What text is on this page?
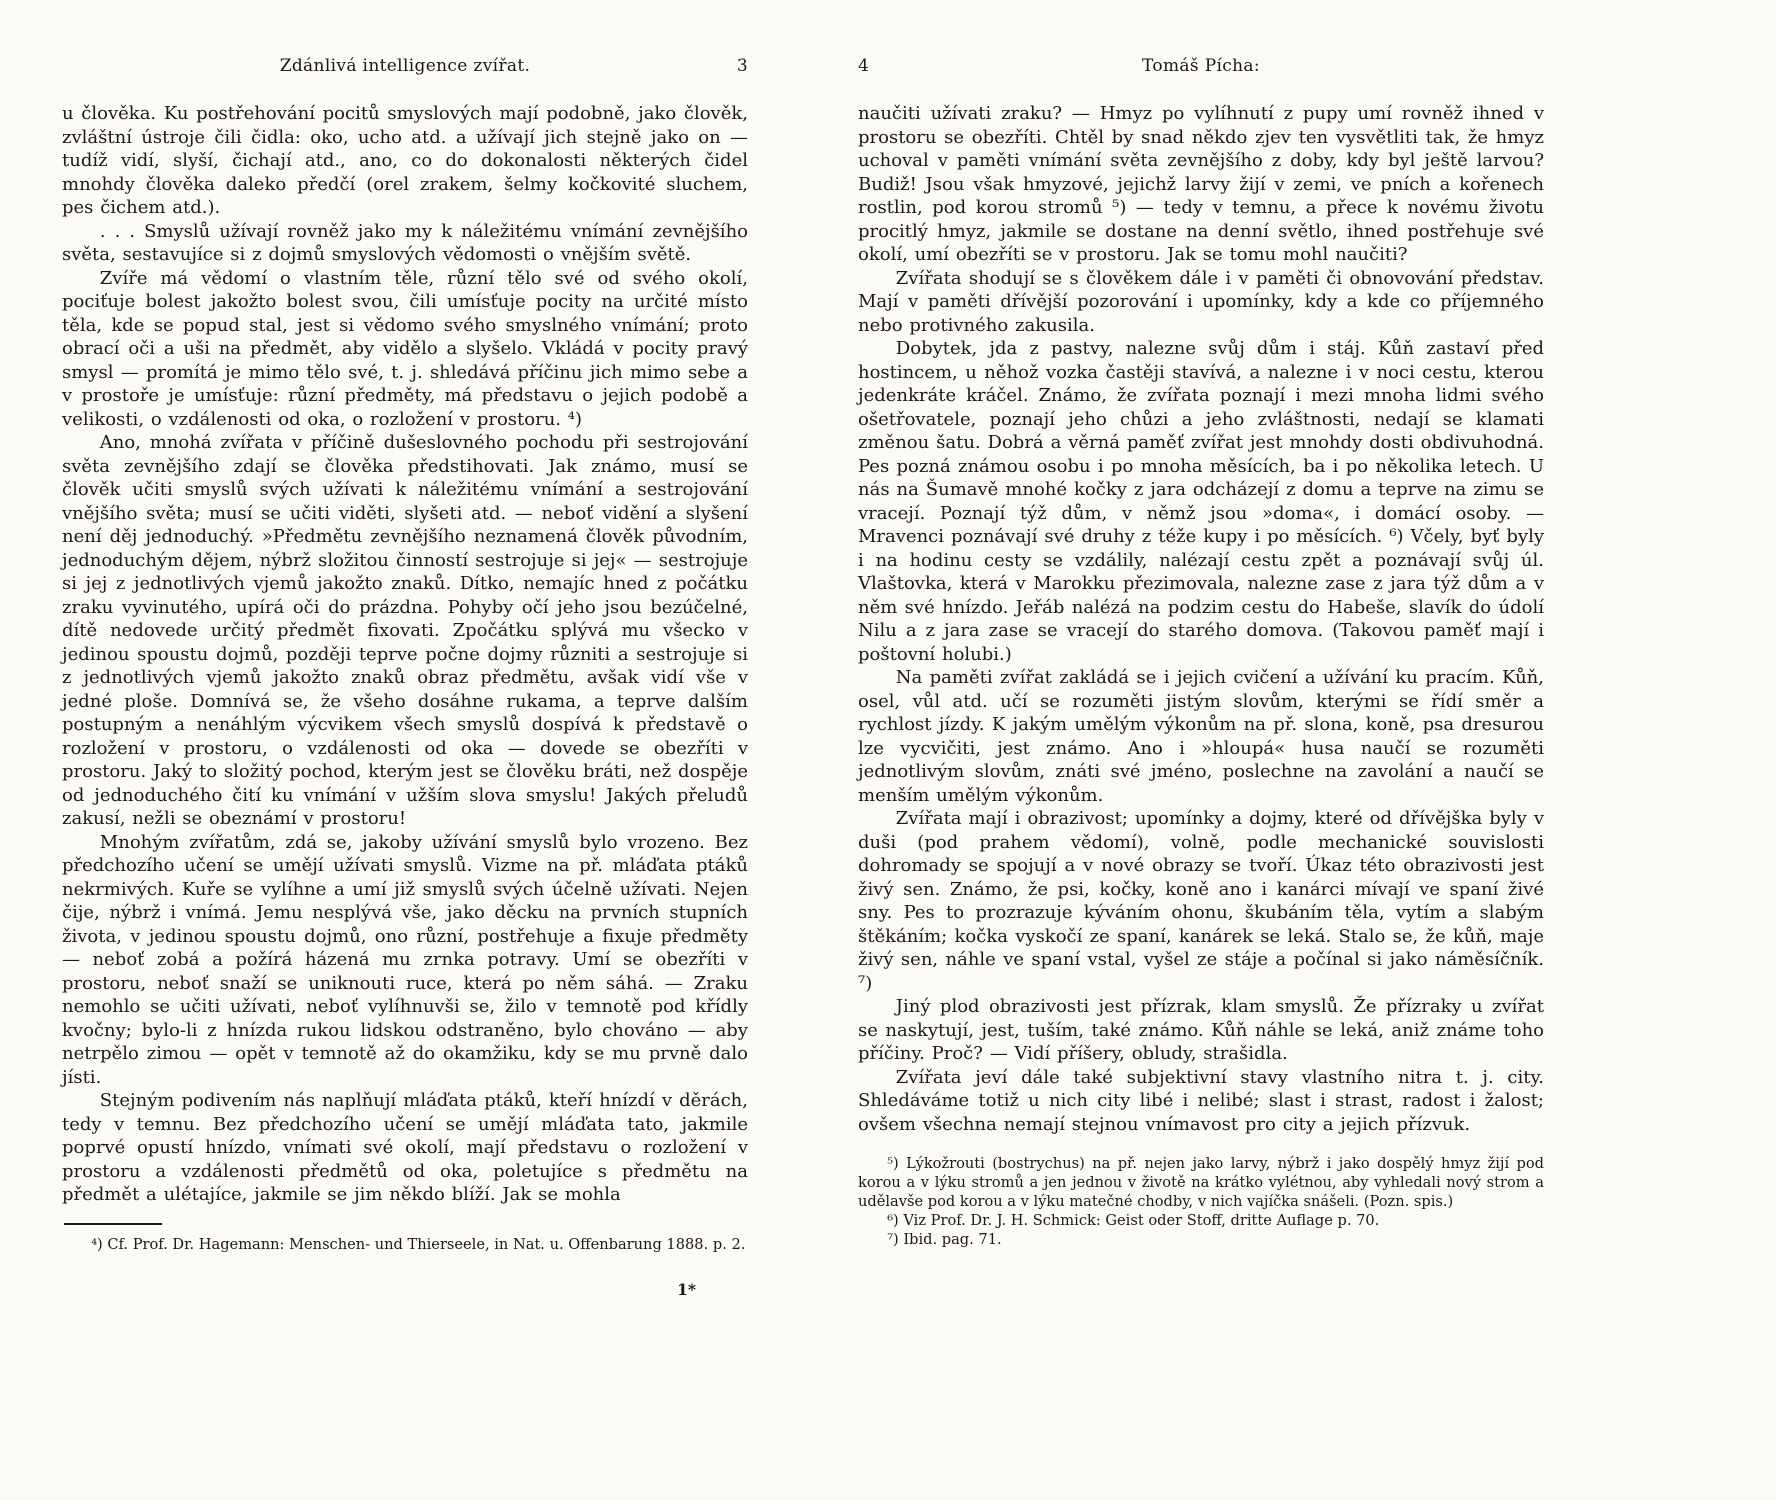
Zdánlivá intelligence zvířat.	3

u člověka. Ku postřehování pocitů smyslových mají podobně, jako člověk, zvláštní ústroje čili čidla: oko, ucho atd. a užívají jich stejně jako on — tudíž vidí, slyší, čichají atd., ano, co do dokonalosti některých čidel mnohdy člověka daleko předčí (orel zrakem, šelmy kočkovité sluchem, pes čichem atd.).

. . . Smyslů užívají rovněž jako my k náležitému vnímání zevnějšího světa, sestavujíce si z dojmů smyslových vědomosti o vnějším světě.

Zvíře má vědomí o vlastním těle, různí tělo své od svého okolí, pociťuje bolest jakožto bolest svou, čili umísťuje pocity na určité místo těla, kde se popud stal, jest si vědomo svého smyslného vnímání; proto obrací oči a uši na předmět, aby vidělo a slyšelo. Vkládá v pocity pravý smysl — promítá je mimo tělo své, t. j. shledává příčinu jich mimo sebe a v prostoře je umísťuje: různí předměty, má představu o jejich podobě a velikosti, o vzdálenosti od oka, o rozložení v prostoru. ⁴)

Ano, mnohá zvířata v příčině dušeslovného pochodu při sestrojování světa zevnějšího zdají se člověka předstihovati. Jak známo, musí se člověk učiti smyslů svých užívati k náležitému vnímání a sestrojování vnějšího světa; musí se učiti viděti, slyšeti atd. — neboť vidění a slyšení není děj jednoduchý. »Předmětu zevnějšího neznamená člověk původním, jednoduchým dějem, nýbrž složitou činností sestrojuje si jej« — sestrojuje si jej z jednotlivých vjemů jakožto znaků. Dítko, nemajíc hned z počátku zraku vyvinutého, upírá oči do prázdna. Pohyby očí jeho jsou bezúčelné, dítě nedovede určitý předmět fixovati. Zpočátku splývá mu všecko v jedinou spoustu dojmů, později teprve počne dojmy různiti a sestrojuje si z jednotlivých vjemů jakožto znaků obraz předmětu, avšak vidí vše v jedné ploše. Domnívá se, že všeho dosáhne rukama, a teprve dalším postupným a nenáhlým výcvikem všech smyslů dospívá k představě o rozložení v prostoru, o vzdálenosti od oka — dovede se obezříti v prostoru. Jaký to složitý pochod, kterým jest se člověku bráti, než dospěje od jednoduchého čití ku vnímání v užším slova smyslu! Jakých přeludů zakusí, nežli se obeznámí v prostoru!

Mnohým zvířatům, zdá se, jakoby užívání smyslů bylo vrozeno. Bez předchozího učení se umějí užívati smyslů. Vizme na př. mláďata ptáků nekrmivých. Kuře se vylíhne a umí již smyslů svých účelně užívati. Nejen čije, nýbrž i vnímá. Jemu nesplývá vše, jako děcku na prvních stupních života, v jedinou spoustu dojmů, ono různí, postřehuje a fixuje předměty — neboť zobá a požírá házená mu zrnka potravy. Umí se obezříti v prostoru, neboť snaží se uniknouti ruce, která po něm sáhá. — Zraku nemohlo se učiti užívati, neboť vylíhnuvši se, žilo v temnotě pod křídly kvočny; bylo-li z hnízda rukou lidskou odstraněno, bylo chováno — aby netrpělo zimou — opět v temnotě až do okamžiku, kdy se mu prvně dalo jísti.

Stejným podivením nás naplňují mláďata ptáků, kteří hnízdí v děrách, tedy v temnu. Bez předchozího učení se umějí mláďata tato, jakmile poprvé opustí hnízdo, vnímati své okolí, mají představu o rozložení v prostoru a vzdálenosti předmětů od oka, poletujíce s předmětu na předmět a ulétajíce, jakmile se jim někdo blíží. Jak se mohla

⁴) Cf. Prof. Dr. Hagemann: Menschen- und Thierseele, in Nat. u. Offenbarung 1888. p. 2.

1*
4	Tomáš Pícha:

naučiti užívati zraku? — Hmyz po vylíhnutí z pupy umí rovněž ihned v prostoru se obezříti. Chtěl by snad někdo zjev ten vysvětliti tak, že hmyz uchoval v paměti vnímání světa zevnějšího z doby, kdy byl ještě larvou? Budiž! Jsou však hmyzové, jejichž larvy žijí v zemi, ve pních a kořenech rostlin, pod korou stromů ⁵) — tedy v temnu, a přece k novému životu procitlý hmyz, jakmile se dostane na denní světlo, ihned postřehuje své okolí, umí obezříti se v prostoru. Jak se tomu mohl naučiti?

Zvířata shodují se s člověkem dále i v paměti či obnovování představ. Mají v paměti dřívější pozorování i upomínky, kdy a kde co příjemného nebo protivného zakusila.

Dobytek, jda z pastvy, nalezne svůj dům i stáj. Kůň zastaví před hostincem, u něhož vozka častěji stavívá, a nalezne i v noci cestu, kterou jedenkráte kráčel. Známo, že zvířata poznají i mezi mnoha lidmi svého ošetřovatele, poznají jeho chůzi a jeho zvláštnosti, nedají se klamati změnou šatu. Dobrá a věrná paměť zvířat jest mnohdy dosti obdivuhodná. Pes pozná známou osobu i po mnoha měsících, ba i po několika letech. U nás na Šumavě mnohé kočky z jara odcházejí z domu a teprve na zimu se vracejí. Poznají týž dům, v němž jsou »doma«, i domácí osoby. — Mravenci poznávají své druhy z téže kupy i po měsících. ⁶) Včely, byť byly i na hodinu cesty se vzdálily, nalézají cestu zpět a poznávají svůj úl. Vlaštovka, která v Marokku přezimovala, nalezne zase z jara týž dům a v něm své hnízdo. Jeřáb nalézá na podzim cestu do Habeše, slavík do údolí Nilu a z jara zase se vracejí do starého domova. (Takovou paměť mají i poštovní holubi.)

Na paměti zvířat zakládá se i jejich cvičení a užívání ku pracím. Kůň, osel, vůl atd. učí se rozuměti jistým slovům, kterými se řídí směr a rychlost jízdy. K jakým umělým výkonům na př. slona, koně, psa dresurou lze vycvičiti, jest známo. Ano i »hloupá« husa naučí se rozuměti jednotlivým slovům, znáti své jméno, poslechne na zavolání a naučí se menším umělým výkonům.

Zvířata mají i obrazivost; upomínky a dojmy, které od dřívějška byly v duši (pod prahem vědomí), volně, podle mechanické souvislosti dohromady se spojují a v nové obrazy se tvoří. Úkaz této obrazivosti jest živý sen. Známo, že psi, kočky, koně ano i kanárci mívají ve spaní živé sny. Pes to prozrazuje kýváním ohonu, škubáním těla, vytím a slabým štěkáním; kočka vyskočí ze spaní, kanárek se leká. Stalo se, že kůň, maje živý sen, náhle ve spaní vstal, vyšel ze stáje a počínal si jako náměsíčník. ⁷)

Jiný plod obrazivosti jest přízrak, klam smyslů. Že přízraky u zvířat se naskytují, jest, tuším, také známo. Kůň náhle se leká, aniž známe toho příčiny. Proč? — Vidí příšery, obludy, strašidla.

Zvířata jeví dále také subjektivní stavy vlastního nitra t. j. city. Shledáváme totiž u nich city libé i nelibé; slast i strast, radost i žalost; ovšem všechna nemají stejnou vnímavost pro city a jejich přízvuk.

⁵) Lýkožrouti (bostrychus) na př. nejen jako larvy, nýbrž i jako dospělý hmyz žijí pod korou a v lýku stromů a jen jednou v životě na krátko vylétnou, aby vyhledali nový strom a udělavše pod korou a v lýku matečné chodby, v nich vajíčka snášeli. (Pozn. spis.)

⁶) Viz Prof. Dr. J. H. Schmick: Geist oder Stoff, dritte Auflage p. 70.

⁷) Ibid. pag. 71.
